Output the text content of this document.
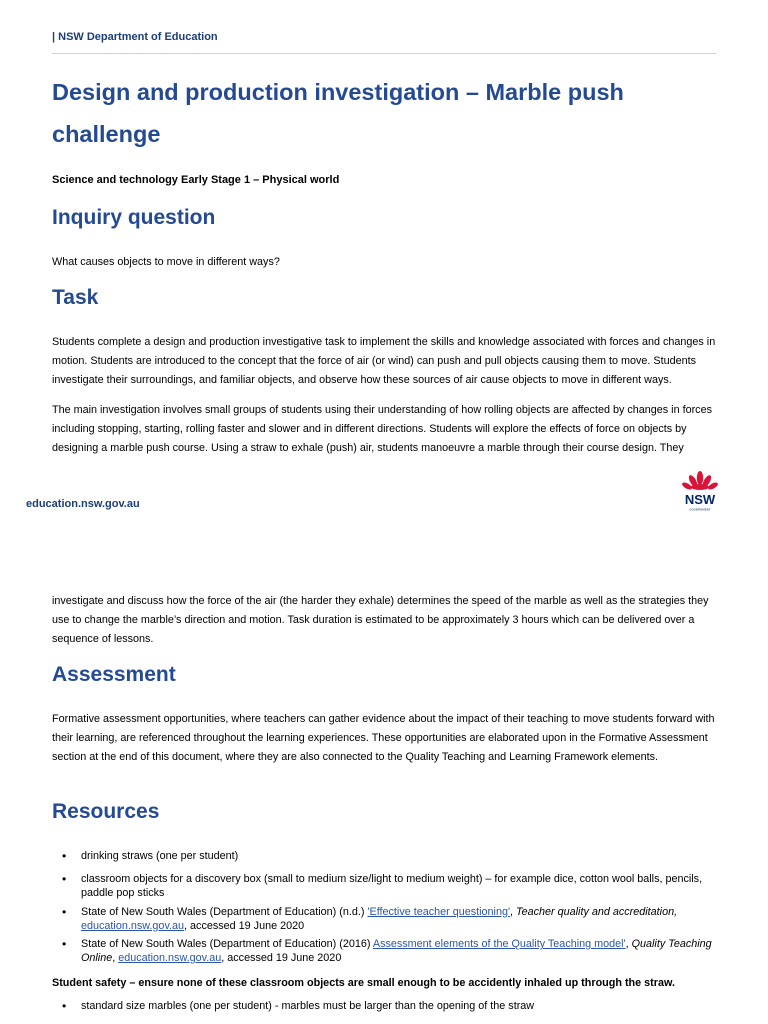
| NSW Department of Education
Design and production investigation – Marble push challenge
Science and technology Early Stage 1 – Physical world
Inquiry question

What causes objects to move in different ways?

Task

Students complete a design and production investigative task to implement the skills and knowledge associated with forces and changes in motion. Students are introduced to the concept that the force of air (or wind) can push and pull objects causing them to move. Students investigate their surroundings, and familiar objects, and observe how these sources of air cause objects to move in different ways.

The main investigation involves small groups of students using their understanding of how rolling objects are affected by changes in forces including stopping, starting, rolling faster and slower and in different directions. Students will explore the effects of force on objects by designing a marble push course. Using a straw to exhale (push) air, students manoeuvre a marble through their course design. They

education.nsw.gov.au	NSW
GOVERNMENT

investigate and discuss how the force of the air (the harder they exhale) determines the speed of the marble as well as the strategies they use to change the marble’s direction and motion. Task duration is estimated to be approximately 3 hours which can be delivered over a sequence of lessons.

Assessment

Formative assessment opportunities, where teachers can gather evidence about the impact of their teaching to move students forward with their learning, are referenced throughout the learning experiences. These opportunities are elaborated upon in the Formative Assessment section at the end of this document, where they are also connected to the Quality Teaching and Learning Framework elements.

Resources
• drinking straws (one per student)
• classroom objects for a discovery box (small to medium size/light to medium weight) – for example dice, cotton wool balls, pencils, paddle pop sticks
• State of New South Wales (Department of Education) (n.d.) 'Effective teacher questioning', Teacher quality and accreditation, education.nsw.gov.au, accessed 19 June 2020
• State of New South Wales (Department of Education) (2016) Assessment elements of the Quality Teaching model', Quality Teaching Online, education.nsw.gov.au, accessed 19 June 2020
Student safety – ensure none of these classroom objects are small enough to be accidently inhaled up through the straw.
• standard size marbles (one per student) - marbles must be larger than the opening of the straw
